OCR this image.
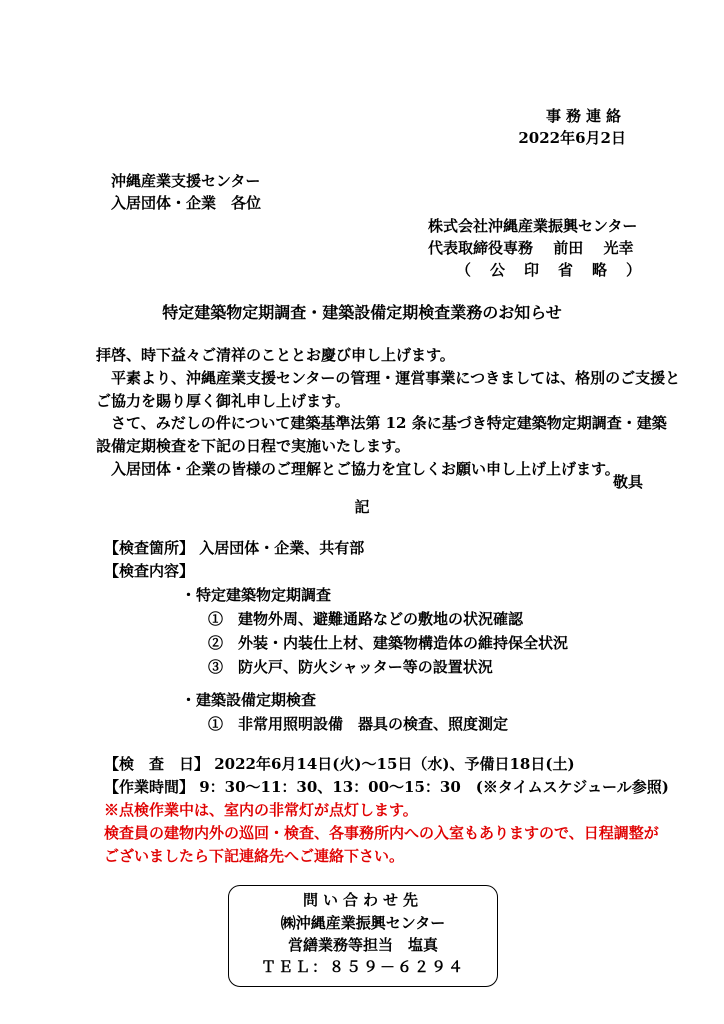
事務連絡
2022年6月2日
沖縄産業支援センター
入居団体・企業　各位
株式会社沖縄産業振興センター
代表取締役専務　 前田　 光幸
（　公　印　省　略　）
特定建築物定期調査・建築設備定期検査業務のお知らせ
拝啓、時下益々ご清祥のこととお慶び申し上げます。
　平素より、沖縄産業支援センターの管理・運営事業につきましては、格別のご支援と
ご協力を賜り厚く御礼申し上げます。
　さて、みだしの件について建築基準法第 12 条に基づき特定建築物定期調査・建築
設備定期検査を下記の日程で実施いたします。
　入居団体・企業の皆様のご理解とご協力を宜しくお願い申し上げ上げます。
敬具
記
【検査箇所】 入居団体・企業、共有部
【検査内容】
・特定建築物定期調査
①　建物外周、避難通路などの敷地の状況確認
②　外装・内装仕上材、建築物構造体の維持保全状況
③　防火戸、防火シャッター等の設置状況
・建築設備定期検査
①　非常用照明設備　器具の検査、照度測定
【検　査　日】 2022年6月14日(火)～15日（水)、予備日18日(土)
【作業時間】 9：30～11：30、13：00～15：30　(※タイムスケジュール参照)
※点検作業中は、室内の非常灯が点灯します。
検査員の建物内外の巡回・検査、各事務所内への入室もありますので、日程調整が
ございましたら下記連絡先へご連絡下さい。
問い合わせ先
㈱沖縄産業振興センター
営繕業務等担当　塩真
ＴＥＬ：８５９－６２９４
